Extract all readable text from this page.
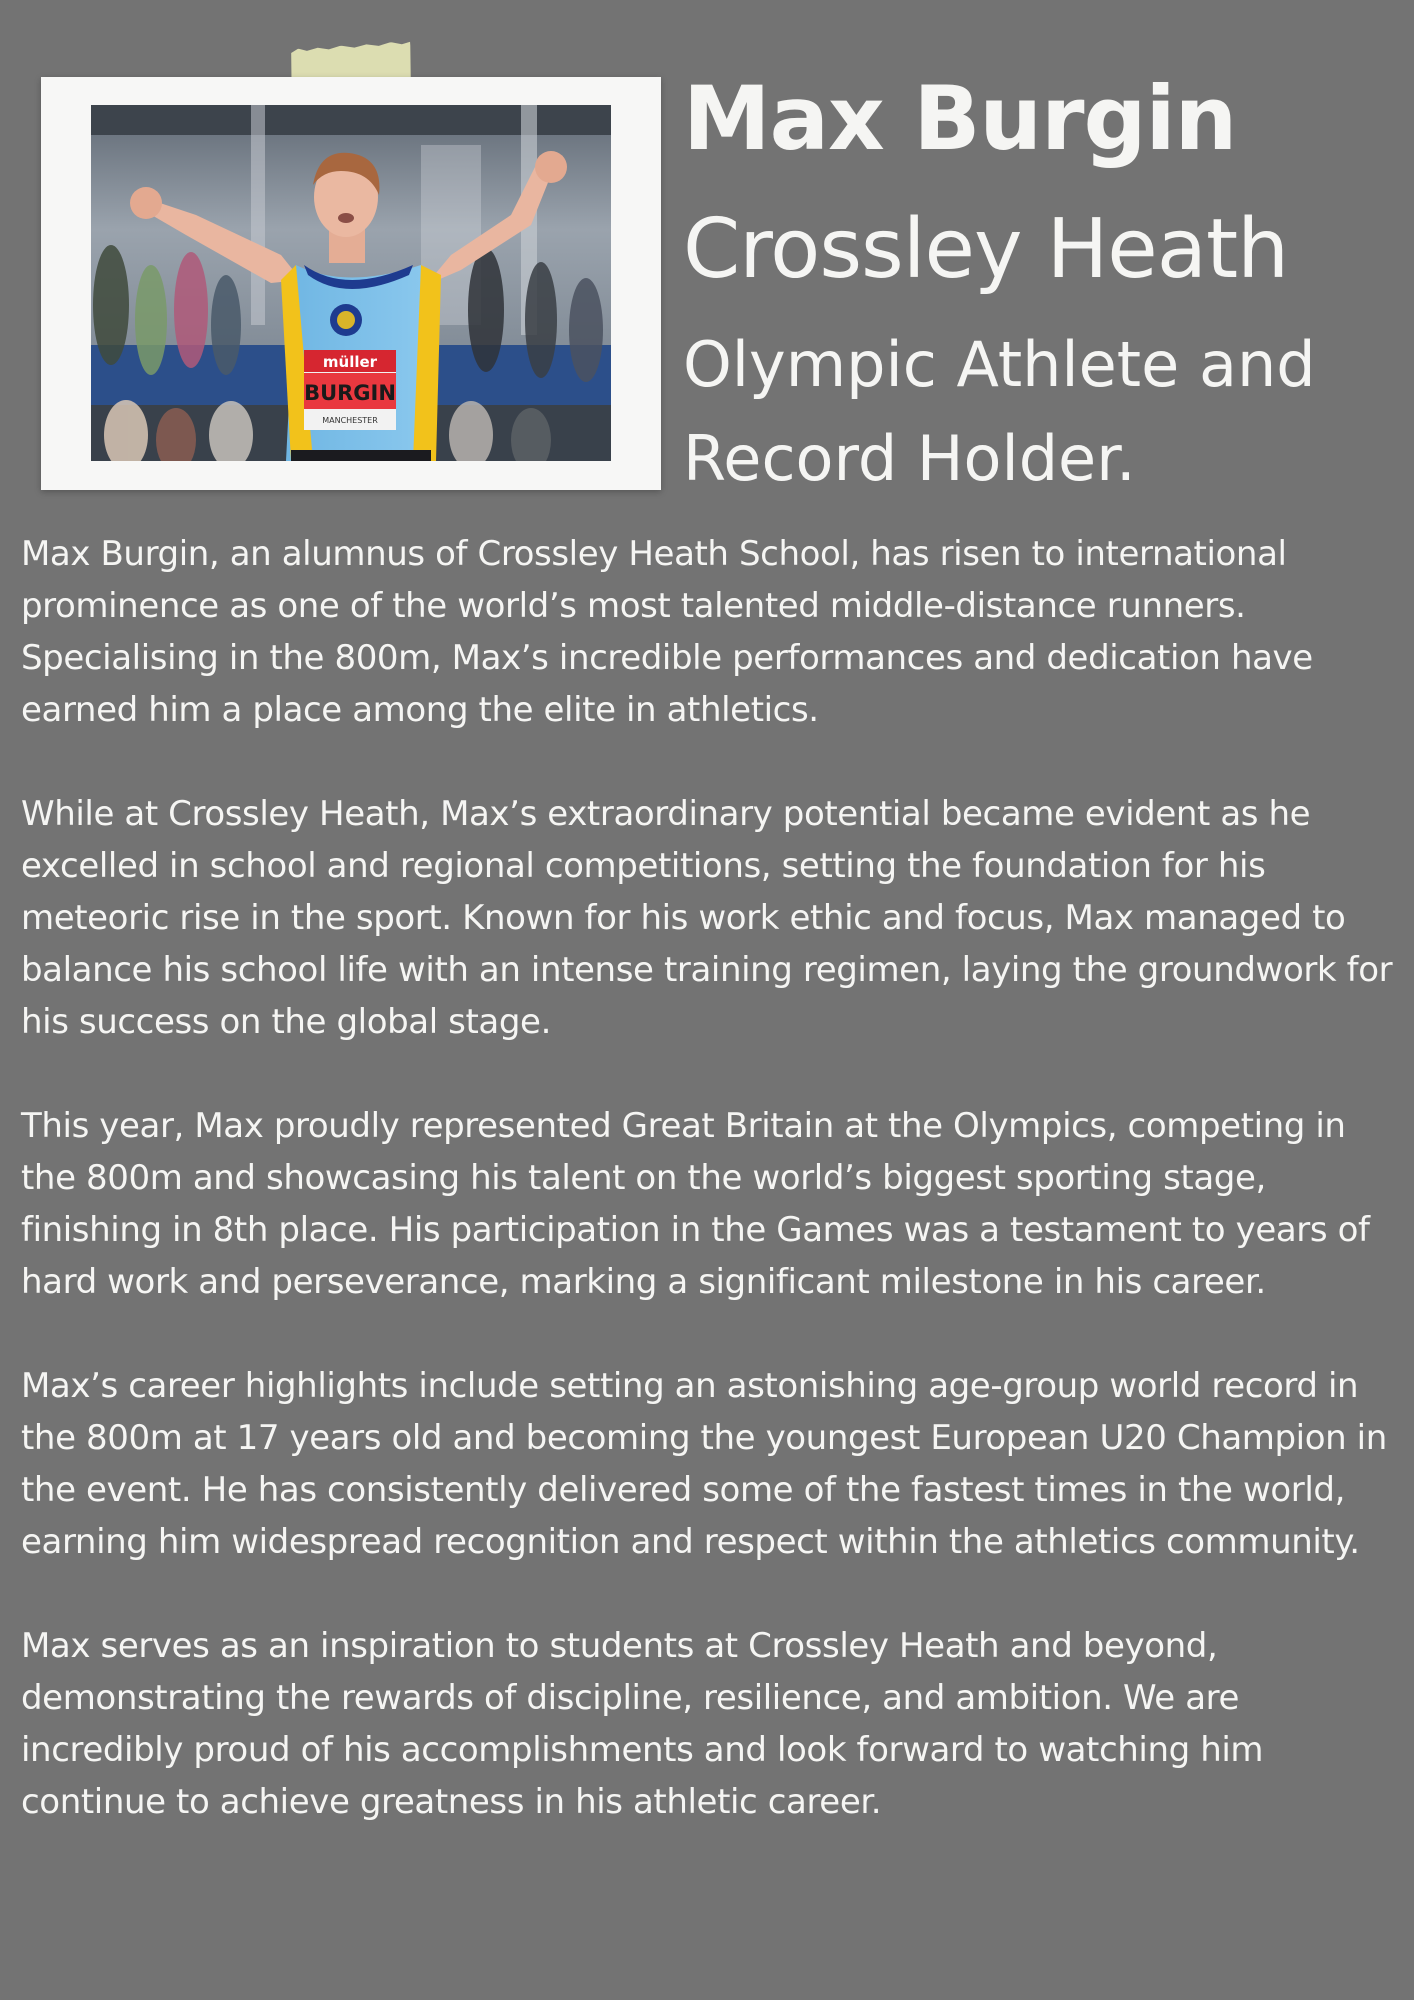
müller
BURGIN
MANCHESTER
Max Burgin
Crossley Heath
Olympic Athlete and Record Holder.

Max Burgin, an alumnus of Crossley Heath School, has risen to international prominence as one of the world’s most talented middle-distance runners. Specialising in the 800m, Max’s incredible performances and dedication have earned him a place among the elite in athletics.

While at Crossley Heath, Max’s extraordinary potential became evident as he excelled in school and regional competitions, setting the foundation for his meteoric rise in the sport. Known for his work ethic and focus, Max managed to balance his school life with an intense training regimen, laying the groundwork for his success on the global stage.

This year, Max proudly represented Great Britain at the Olympics, competing in the 800m and showcasing his talent on the world’s biggest sporting stage, finishing in 8th place. His participation in the Games was a testament to years of hard work and perseverance, marking a significant milestone in his career.

Max’s career highlights include setting an astonishing age-group world record in the 800m at 17 years old and becoming the youngest European U20 Champion in the event. He has consistently delivered some of the fastest times in the world, earning him widespread recognition and respect within the athletics community.

Max serves as an inspiration to students at Crossley Heath and beyond, demonstrating the rewards of discipline, resilience, and ambition. We are incredibly proud of his accomplishments and look forward to watching him continue to achieve greatness in his athletic career.
